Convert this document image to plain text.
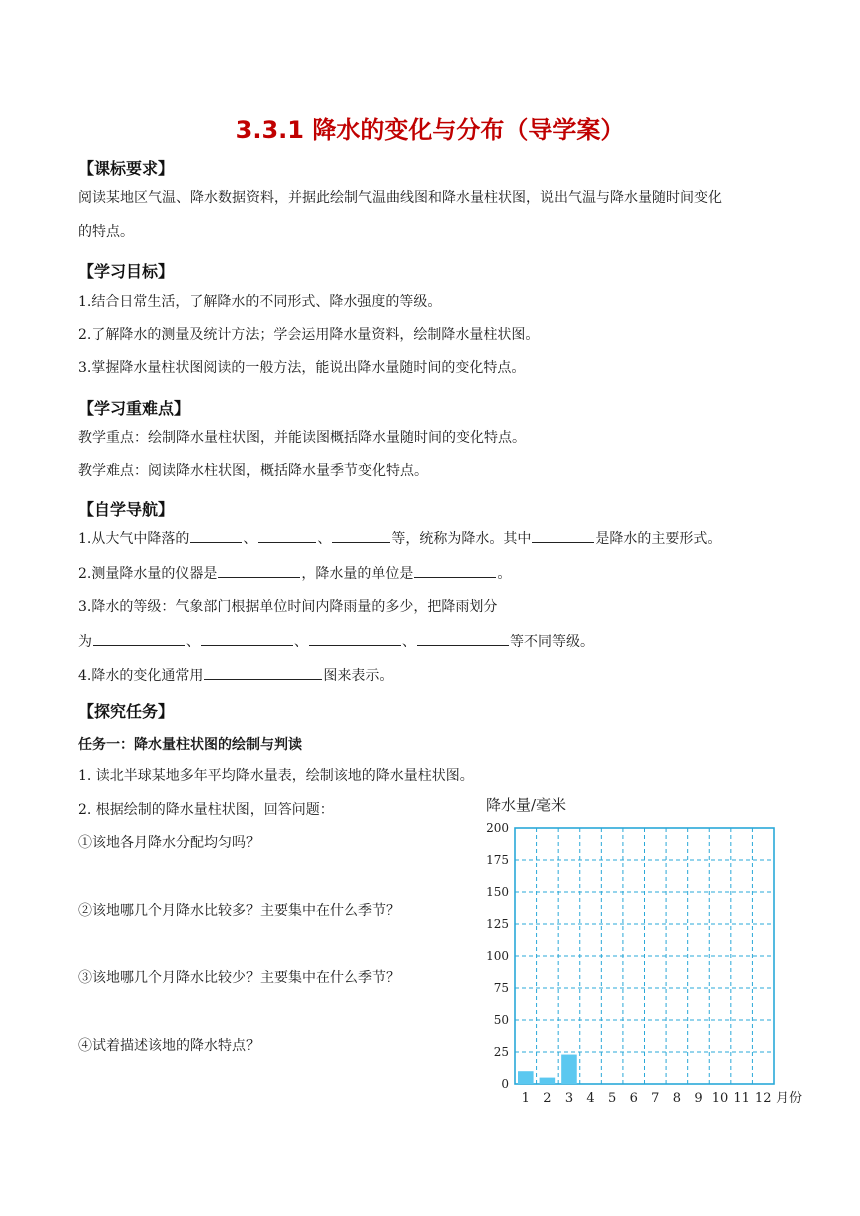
3.3.1 降水的变化与分布（导学案）
【课标要求】
阅读某地区气温、降水数据资料，并据此绘制气温曲线图和降水量柱状图，说出气温与降水量随时间变化
的特点。
【学习目标】
1.结合日常生活，了解降水的不同形式、降水强度的等级。
2.了解降水的测量及统计方法；学会运用降水量资料，绘制降水量柱状图。
3.掌握降水量柱状图阅读的一般方法，能说出降水量随时间的变化特点。
【学习重难点】
教学重点：绘制降水量柱状图，并能读图概括降水量随时间的变化特点。
教学难点：阅读降水柱状图，概括降水量季节变化特点。
【自学导航】
1.从大气中降落的	、	、	等，统称为降水。其中	是降水的主要形式。
2.测量降水量的仪器是	，降水量的单位是	。
3.降水的等级：气象部门根据单位时间内降雨量的多少，把降雨划分
为	、	、	、	等不同等级。
4.降水的变化通常用	图来表示。
【探究任务】
任务一：降水量柱状图的绘制与判读
1. 读北半球某地多年平均降水量表，绘制该地的降水量柱状图。
2. 根据绘制的降水量柱状图，回答问题：
①该地各月降水分配均匀吗？
②该地哪几个月降水比较多？主要集中在什么季节？
③该地哪几个月降水比较少？主要集中在什么季节？
④试着描述该地的降水特点？
降水量/毫米
0
25
50
75
100
125
150
175
200
1 2 3 4 5 6 7 8 9 10 11 12 月份
